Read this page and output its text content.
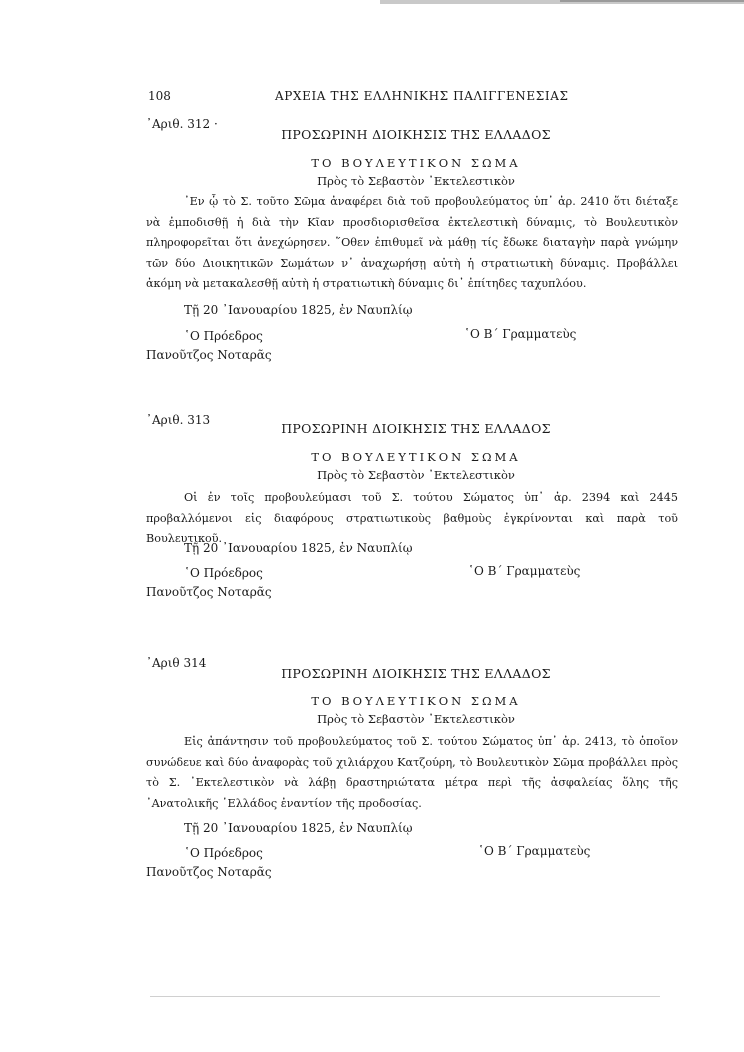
108	ΑΡΧΕΙΑ ΤΗΣ ΕΛΛΗΝΙΚΗΣ ΠΑΛΙΓΓΕΝΕΣΙΑΣ
᾿Αριθ. 312 ·
ΠΡΟΣΩΡΙΝΗ ΔΙΟΙΚΗΣΙΣ ΤΗΣ ΕΛΛΑΔΟΣ
ΤΟ ΒΟΥΛΕΥΤΙΚΟΝ ΣΩΜΑ
Πρὸς τὸ Σεβαστὸν ᾿Εκτελεστικὸν
᾿Εν ᾧ τὸ Σ. τοῦτο Σῶμα ἀναφέρει διὰ τοῦ προβουλεύματος ὑπ᾿ ἀρ. 2410 ὅτι διέταξε νὰ ἐμποδισθῇ ἡ διὰ τὴν Κῖαν προσδιορισθεῖσα ἐκτελεστικὴ δύναμις, τὸ Βουλευτικὸν πληροφορεῖται ὅτι ἀνεχώρησεν. ῞Οθεν ἐπιθυμεῖ νὰ μάθῃ τίς ἔδωκε διαταγὴν παρὰ γνώμην τῶν δύο Διοικητικῶν Σωμάτων ν᾿ ἀναχωρήσῃ αὐτὴ ἡ στρατιωτικὴ δύναμις. Προβάλλει ἀκόμη νὰ μετακαλεσθῇ αὐτὴ ἡ στρατιωτικὴ δύναμις δι᾿ ἐπίτηδες ταχυπλόου.
Τῇ 20 ᾿Ιανουαρίου 1825, ἐν Ναυπλίῳ
῾Ο Πρόεδρος	῾Ο Β΄ Γραμματεὺς
Πανοῦτζος Νοταρᾶς
᾿Αριθ. 313
ΠΡΟΣΩΡΙΝΗ ΔΙΟΙΚΗΣΙΣ ΤΗΣ ΕΛΛΑΔΟΣ
ΤΟ ΒΟΥΛΕΥΤΙΚΟΝ ΣΩΜΑ
Πρὸς τὸ Σεβαστὸν ᾿Εκτελεστικὸν
Οἱ ἐν τοῖς προβουλεύμασι τοῦ Σ. τούτου Σώματος ὑπ᾿ ἀρ. 2394 καὶ 2445 προβαλλόμενοι εἰς διαφόρους στρατιωτικοὺς βαθμοὺς ἐγκρίνονται καὶ παρὰ τοῦ Βουλευτικοῦ.
Τῇ 20 ᾿Ιανουαρίου 1825, ἐν Ναυπλίῳ
῾Ο Πρόεδρος	῾Ο Β΄ Γραμματεὺς
Πανοῦτζος Νοταρᾶς
᾿Αριθ 314
ΠΡΟΣΩΡΙΝΗ ΔΙΟΙΚΗΣΙΣ ΤΗΣ ΕΛΛΑΔΟΣ
ΤΟ ΒΟΥΛΕΥΤΙΚΟΝ ΣΩΜΑ
Πρὸς τὸ Σεβαστὸν ᾿Εκτελεστικὸν
Εἰς ἀπάντησιν τοῦ προβουλεύματος τοῦ Σ. τούτου Σώματος ὑπ᾿ ἀρ. 2413, τὸ ὁποῖον συνώδευε καὶ δύο ἀναφορὰς τοῦ χιλιάρχου Κατζούρη, τὸ Βουλευτικὸν Σῶμα προβάλλει πρὸς τὸ Σ. ᾿Εκτελεστικὸν νὰ λάβῃ δραστηριώτατα μέτρα περὶ τῆς ἀσφαλείας ὅλης τῆς ᾿Ανατολικῆς ῾Ελλάδος ἐναντίον τῆς προδοσίας.
Τῇ 20 ᾿Ιανουαρίου 1825, ἐν Ναυπλίῳ
῾Ο Πρόεδρος	῾Ο Β΄ Γραμματεὺς
Πανοῦτζος Νοταρᾶς
